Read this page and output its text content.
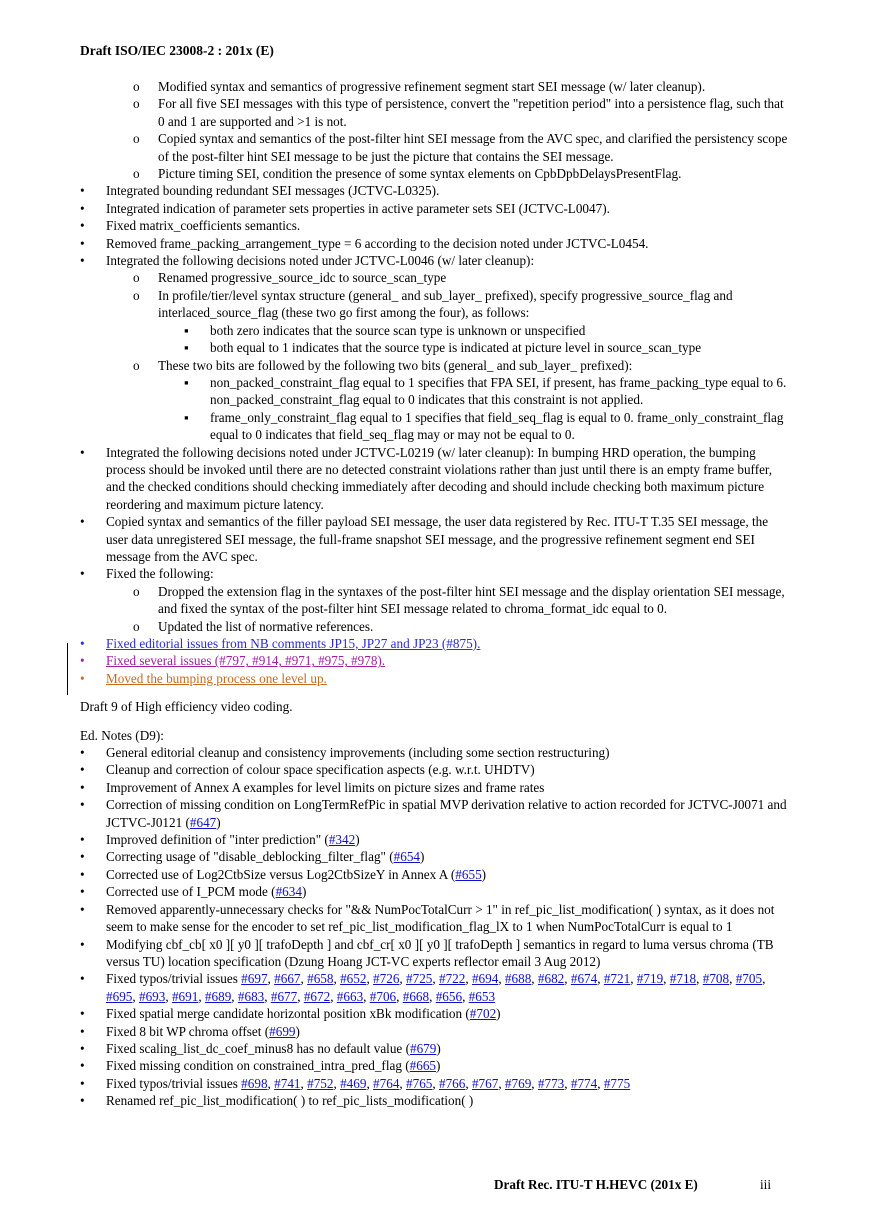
Draft ISO/IEC 23008-2 : 201x (E)
o Modified syntax and semantics of progressive refinement segment start SEI message (w/ later cleanup).
o For all five SEI messages with this type of persistence, convert the "repetition period" into a persistence flag, such that 0 and 1 are supported and >1 is not.
o Copied syntax and semantics of the post-filter hint SEI message from the AVC spec, and clarified the persistency scope of the post-filter hint SEI message to be just the picture that contains the SEI message.
o Picture timing SEI, condition the presence of some syntax elements on CpbDpbDelaysPresentFlag.
• Integrated bounding redundant SEI messages (JCTVC-L0325).
• Integrated indication of parameter sets properties in active parameter sets SEI (JCTVC-L0047).
• Fixed matrix_coefficients semantics.
• Removed frame_packing_arrangement_type = 6 according to the decision noted under JCTVC-L0454.
• Integrated the following decisions noted under JCTVC-L0046 (w/ later cleanup):
o Renamed progressive_source_idc to source_scan_type
o In profile/tier/level syntax structure (general_ and sub_layer_ prefixed), specify progressive_source_flag and interlaced_source_flag (these two go first among the four), as follows:
▪ both zero indicates that the source scan type is unknown or unspecified
▪ both equal to 1 indicates that the source type is indicated at picture level in source_scan_type
o These two bits are followed by the following two bits (general_ and sub_layer_ prefixed):
▪ non_packed_constraint_flag equal to 1 specifies that FPA SEI, if present, has frame_packing_type equal to 6. non_packed_constraint_flag equal to 0 indicates that this constraint is not applied.
▪ frame_only_constraint_flag equal to 1 specifies that field_seq_flag is equal to 0. frame_only_constraint_flag equal to 0 indicates that field_seq_flag may or may not be equal to 0.
• Integrated the following decisions noted under JCTVC-L0219 (w/ later cleanup): In bumping HRD operation, the bumping process should be invoked until there are no detected constraint violations rather than just until there is an empty frame buffer, and the checked conditions should checking immediately after decoding and should include checking both maximum picture reordering and maximum picture latency.
• Copied syntax and semantics of the filler payload SEI message, the user data registered by Rec. ITU-T T.35 SEI message, the user data unregistered SEI message, the full-frame snapshot SEI message, and the progressive refinement segment end SEI message from the AVC spec.
• Fixed the following:
o Dropped the extension flag in the syntaxes of the post-filter hint SEI message and the display orientation SEI message, and fixed the syntax of the post-filter hint SEI message related to chroma_format_idc equal to 0.
o Updated the list of normative references.
• Fixed editorial issues from NB comments JP15, JP27 and JP23 (#875).
• Fixed several issues (#797, #914, #971, #975, #978).
• Moved the bumping process one level up.
Draft 9 of High efficiency video coding.
Ed. Notes (D9):
• General editorial cleanup and consistency improvements (including some section restructuring)
• Cleanup and correction of colour space specification aspects (e.g. w.r.t. UHDTV)
• Improvement of Annex A examples for level limits on picture sizes and frame rates
• Correction of missing condition on LongTermRefPic in spatial MVP derivation relative to action recorded for JCTVC-J0071 and JCTVC-J0121 (#647)
• Improved definition of "inter prediction" (#342)
• Correcting usage of "disable_deblocking_filter_flag" (#654)
• Corrected use of Log2CtbSize versus Log2CtbSizeY in Annex A (#655)
• Corrected use of I_PCM mode (#634)
• Removed apparently-unnecessary checks for "&& NumPocTotalCurr > 1" in ref_pic_list_modification( ) syntax, as it does not seem to make sense for the encoder to set ref_pic_list_modification_flag_lX to 1 when NumPocTotalCurr is equal to 1
• Modifying cbf_cb[ x0 ][ y0 ][ trafoDepth ] and cbf_cr[ x0 ][ y0 ][ trafoDepth ] semantics in regard to luma versus chroma (TB versus TU) location specification (Dzung Hoang JCT-VC experts reflector email 3 Aug 2012)
• Fixed typos/trivial issues #697, #667, #658, #652, #726, #725, #722, #694, #688, #682, #674, #721, #719, #718, #708, #705, #695, #693, #691, #689, #683, #677, #672, #663, #706, #668, #656, #653
• Fixed spatial merge candidate horizontal position xBk modification (#702)
• Fixed 8 bit WP chroma offset (#699)
• Fixed scaling_list_dc_coef_minus8 has no default value (#679)
• Fixed missing condition on constrained_intra_pred_flag (#665)
• Fixed typos/trivial issues #698, #741, #752, #469, #764, #765, #766, #767, #769, #773, #774, #775
• Renamed ref_pic_list_modification( ) to ref_pic_lists_modification( )
Draft Rec. ITU-T H.HEVC (201x E)	iii
